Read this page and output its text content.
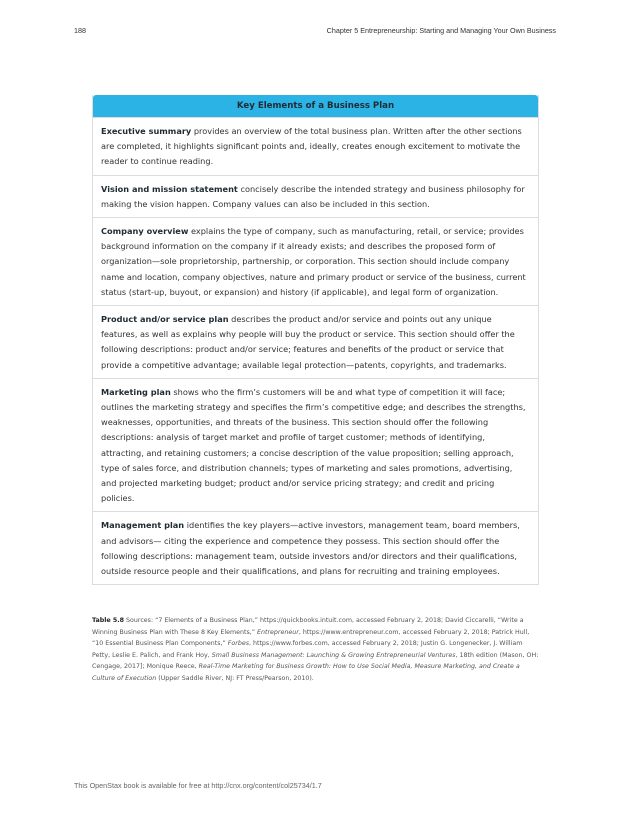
188	Chapter 5 Entrepreneurship: Starting and Managing Your Own Business
Key Elements of a Business Plan
Executive summary provides an overview of the total business plan. Written after the other sections are completed, it highlights significant points and, ideally, creates enough excitement to motivate the reader to continue reading.
Vision and mission statement concisely describe the intended strategy and business philosophy for making the vision happen. Company values can also be included in this section.
Company overview explains the type of company, such as manufacturing, retail, or service; provides background information on the company if it already exists; and describes the proposed form of organization—sole proprietorship, partnership, or corporation. This section should include company name and location, company objectives, nature and primary product or service of the business, current status (start-up, buyout, or expansion) and history (if applicable), and legal form of organization.
Product and/or service plan describes the product and/or service and points out any unique features, as well as explains why people will buy the product or service. This section should offer the following descriptions: product and/or service; features and benefits of the product or service that provide a competitive advantage; available legal protection—patents, copyrights, and trademarks.
Marketing plan shows who the firm’s customers will be and what type of competition it will face; outlines the marketing strategy and specifies the firm’s competitive edge; and describes the strengths, weaknesses, opportunities, and threats of the business. This section should offer the following descriptions: analysis of target market and profile of target customer; methods of identifying, attracting, and retaining customers; a concise description of the value proposition; selling approach, type of sales force, and distribution channels; types of marketing and sales promotions, advertising, and projected marketing budget; product and/or service pricing strategy; and credit and pricing policies.
Management plan identifies the key players—active investors, management team, board members, and advisors— citing the experience and competence they possess. This section should offer the following descriptions: management team, outside investors and/or directors and their qualifications, outside resource people and their qualifications, and plans for recruiting and training employees.
Table 5.8 Sources: “7 Elements of a Business Plan,” https://quickbooks.intuit.com, accessed February 2, 2018; David Ciccarelli, “Write a Winning Business Plan with These 8 Key Elements,” Entrepreneur, https://www.entrepreneur.com, accessed February 2, 2018; Patrick Hull, “10 Essential Business Plan Components,” Forbes, https://www.forbes.com, accessed February 2, 2018; Justin G. Longenecker, J. William Petty, Leslie E. Palich, and Frank Hoy, Small Business Management: Launching & Growing Entrepreneurial Ventures, 18th edition (Mason, OH: Cengage, 2017]; Monique Reece, Real-Time Marketing for Business Growth: How to Use Social Media, Measure Marketing, and Create a Culture of Execution (Upper Saddle River, NJ: FT Press/Pearson, 2010).
This OpenStax book is available for free at http://cnx.org/content/col25734/1.7
